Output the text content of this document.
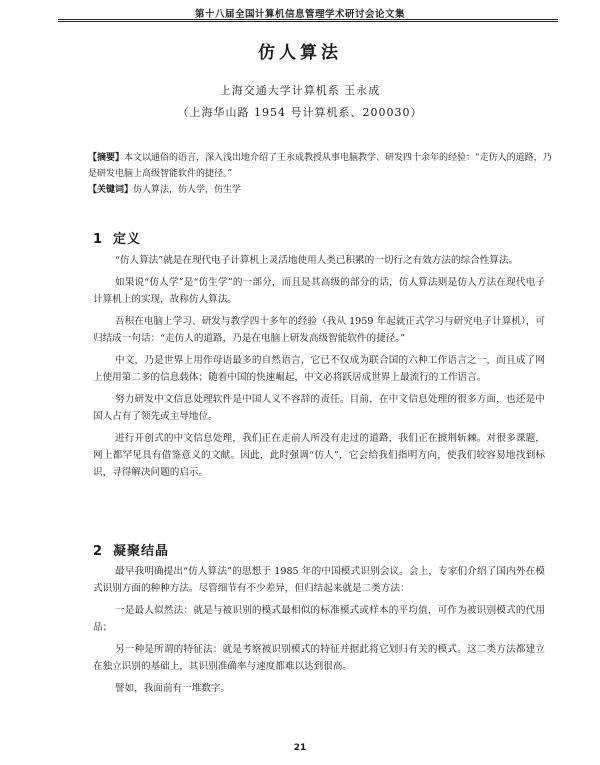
第十八届全国计算机信息管理学术研讨会论文集
仿人算法
上海交通大学计算机系 王永成
（上海华山路 1954 号计算机系、200030）

【摘要】本文以通俗的语言，深入浅出地介绍了王永成教授从事电脑教学、研发四十余年的经验：“走仿人的道路，乃是研发电脑上高级智能软件的捷径。”

【关键词】仿人算法，仿人学，仿生学

1 定义

“仿人算法”就是在现代电子计算机上灵活地使用人类已积累的一切行之有效方法的综合性算法。

如果说“仿人学”是“仿生学”的一部分，而且是其高级的部分的话，仿人算法则是仿人方法在现代电子计算机上的实现，故称仿人算法。

吾积在电脑上学习、研发与教学四十多年的经验（我从 1959 年起就正式学习与研究电子计算机），可归结成一句话：“走仿人的道路，乃是在电脑上研发高级智能软件的捷径。”

中文，乃是世界上用作母语最多的自然语言，它已不仅成为联合国的六种工作语言之一，而且成了网上使用第二多的信息载体；随着中国的快速崛起，中文必将跃居成世界上最流行的工作语言。

努力研发中文信息处理软件是中国人义不容辞的责任。目前，在中文信息处理的很多方面，也还是中国人占有了领先或主导地位。

进行开创式的中文信息处理，我们正在走前人所没有走过的道路，我们正在披荆斩棘。对很多课题，网上都罕见具有借鉴意义的文献。因此，此时强调“仿人”，它会给我们指明方向，使我们较容易地找到标识，寻得解决问题的启示。

2 凝聚结晶

最早我明确提出“仿人算法”的思想于 1985 年的中国模式识别会议。会上，专家们介绍了国内外在模式识别方面的种种方法。尽管细节有不少差异，但归结起来就是二类方法：

一是最人似然法：就是与被识别的模式最相似的标准模式或样本的平均值，可作为被识别模式的代用品；

另一种是所谓的特征法：就是考察被识别模式的特征并据此将它划归有关的模式。这二类方法都建立在独立识别的基础上，其识别准确率与速度都难以达到很高。

譬如，我面前有一堆数字。

21
